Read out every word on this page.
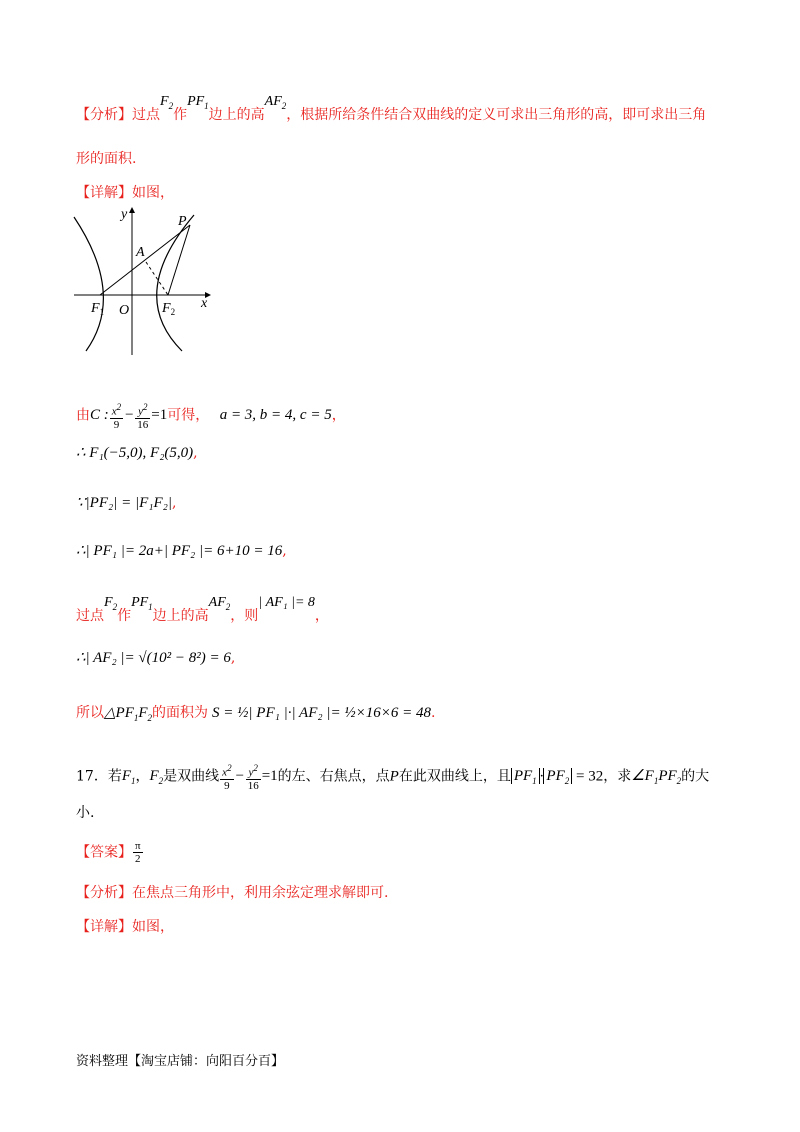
【分析】过点$F_2$作$PF_1$边上的高$AF_2$，根据所给条件结合双曲线的定义可求出三角形的高，即可求出三角
形的面积.
【详解】如图，
y
x
P
A
O
$F_1$	$F_2$
由C : $\frac{x^2}{9} - \frac{y^2}{16} =1$可得， a = 3, b = 4, c = 5，
∴ F₁(−5,0), F₂(5,0),
∵|PF₂| = |F₁F₂|,
∴| PF₁ |= 2a+| PF₂ |= 6+10 = 16,
过点$F_2$作$PF_1$边上的高$AF_2$，则| AF₁ |= 8，
∴| AF₂ |= √(10² − 8²) = 6,
所以$\triangle PF_1F_2$的面积为 S = ½| PF₁ |·| AF₂ |= ½×16×6 = 48.
17．若$F_1$，$F_2$是双曲线 $\frac{x^2}{9} - \frac{y^2}{16} =1$的左、右焦点，点P在此双曲线上，且 $PF_1 \cdot PF_2 = 32$，求$\angle F_1PF_2$的大
小.
【答案】 $\frac{\pi}{2}$
【分析】在焦点三角形中，利用余弦定理求解即可.
【详解】如图，
资料整理【淘宝店铺：向阳百分百】
